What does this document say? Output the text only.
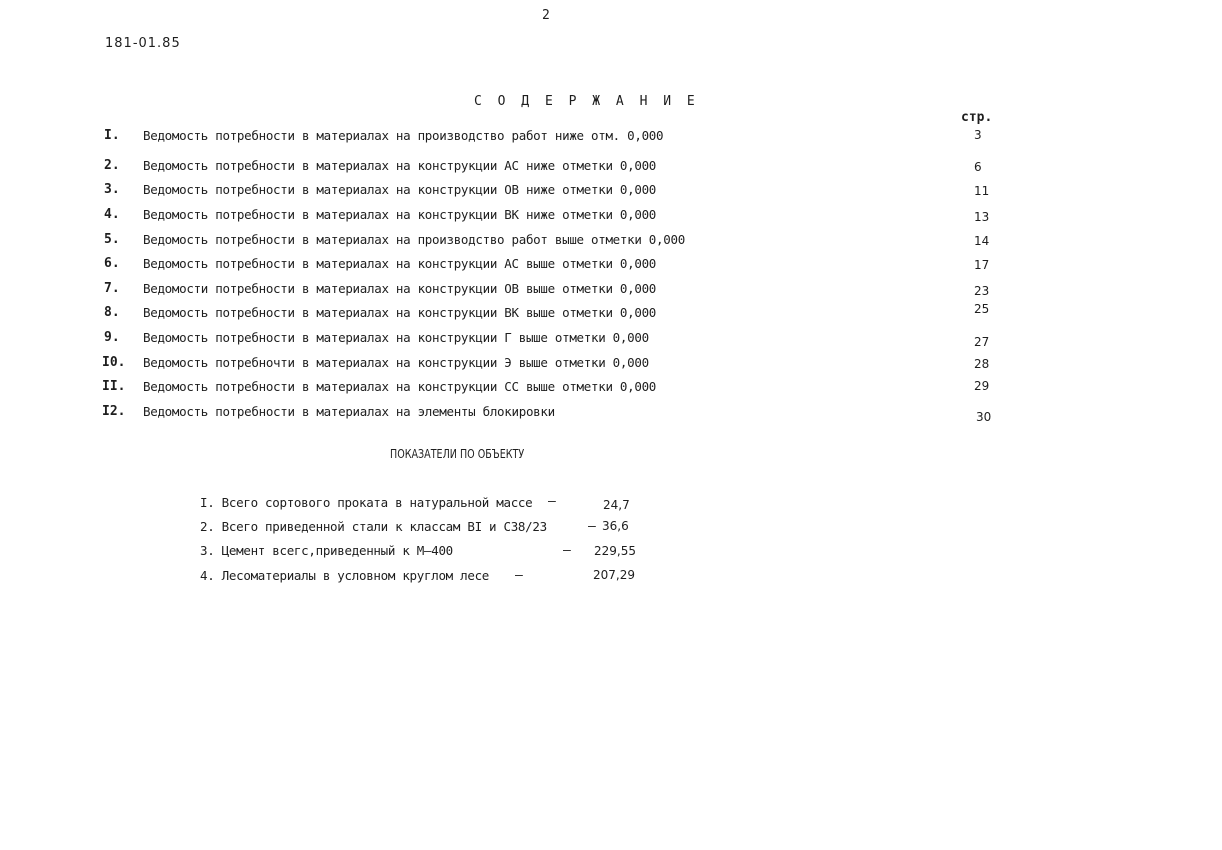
2
181-01.85
С О Д Е Р Ж А Н И Е
стр.
I. Ведомость потребности в материалах на производство работ ниже отм. 0,000	3
2. Ведомость потребности в материалах на конструкции АС ниже отметки 0,000	6
3. Ведомость потребности в материалах на конструкции ОВ ниже отметки 0,000	11
4. Ведомость потребности в материалах на конструкции ВК ниже отметки 0,000	13
5. Ведомость потребности в материалах на производство работ выше отметки 0,000	14
6. Ведомость потребности в материалах на конструкции АС выше отметки 0,000	17
7. Ведомости потребности в материалах на конструкции ОВ выше отметки 0,000	23
8. Ведомость потребности в материалах на конструкции ВК выше отметки 0,000	25
9. Ведомость потребности в материалах на конструкции Г выше отметки 0,000	27
I0. Ведомость потребночти в материалах на конструкции Э выше отметки 0,000	28
II. Ведомость потребности в материалах на конструкции СС выше отметки 0,000	29
I2. Ведомость потребности в материалах на элементы блокировки	30
ПОКАЗАТЕЛИ ПО ОБЪЕКТУ
I. Всего сортового проката в натуральной массе –	24,7
2. Всего приведенной стали к классам ВI и С38/23	– 36,6
3. Цемент всегс,приведенный к М–400	– 229,55
4. Лесоматериалы в условном круглом лесе –	207,29
